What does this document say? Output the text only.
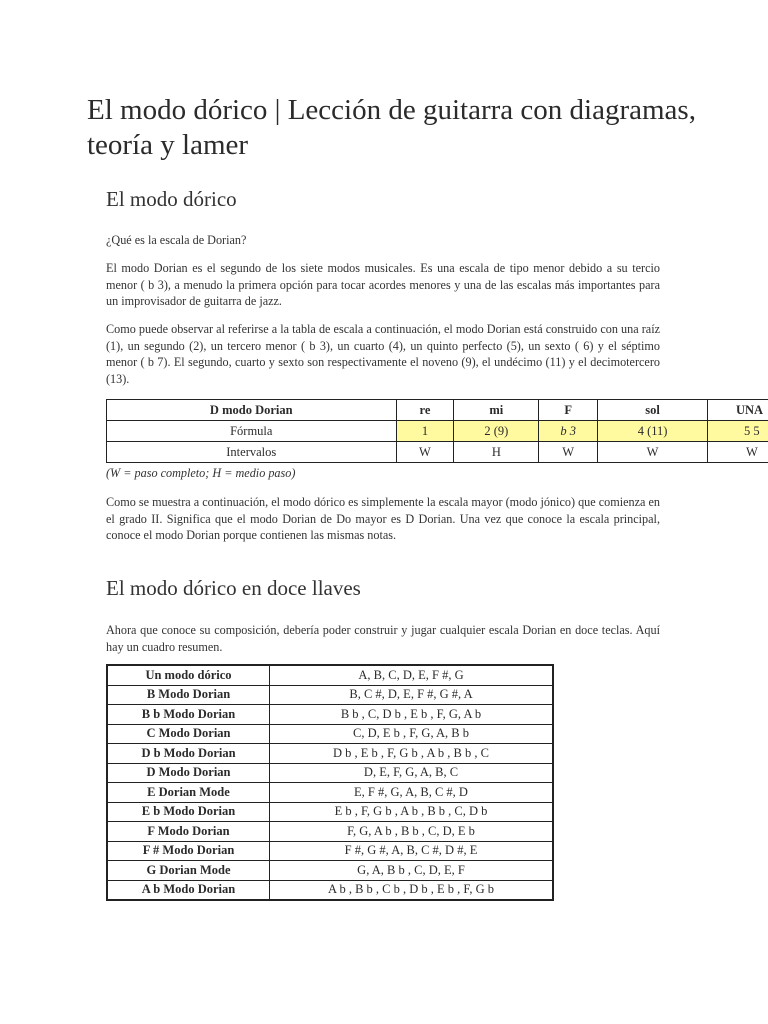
El modo dórico | Lección de guitarra con diagramas, teoría y lamer
El modo dórico

¿Qué es la escala de Dorian?

El modo Dorian es el segundo de los siete modos musicales. Es una escala de tipo menor debido a su tercio menor ( b 3), a menudo la primera opción para tocar acordes menores y una de las escalas más importantes para un improvisador de guitarra de jazz.

Como puede observar al referirse a la tabla de escala a continuación, el modo Dorian está construido con una raíz (1), un segundo (2), un tercero menor ( b 3), un cuarto (4), un quinto perfecto (5), un sexto ( 6) y el séptimo menor ( b 7). El segundo, cuarto y sexto son respectivamente el noveno (9), el undécimo (11) y el decimotercero (13).

D modo Dorian	re	mi	F	sol	UNA
Fórmula	1	2 (9)	b 3	4 (11)	5 5
Intervalos	W	H	W	W	W
(W = paso completo; H = medio paso)

Como se muestra a continuación, el modo dórico es simplemente la escala mayor (modo jónico) que comienza en el grado II. Significa que el modo Dorian de Do mayor es D Dorian. Una vez que conoce la escala principal, conoce el modo Dorian porque contienen las mismas notas.

El modo dórico en doce llaves

Ahora que conoce su composición, debería poder construir y jugar cualquier escala Dorian en doce teclas. Aquí hay un cuadro resumen.

Un modo dórico	A, B, C, D, E, F #, G
B Modo Dorian	B, C #, D, E, F #, G #, A
B b Modo Dorian	B b , C, D b , E b , F, G, A b
C Modo Dorian	C, D, E b , F, G, A, B b
D b Modo Dorian	D b , E b , F, G b , A b , B b , C
D Modo Dorian	D, E, F, G, A, B, C
E Dorian Mode	E, F #, G, A, B, C #, D
E b Modo Dorian	E b , F, G b , A b , B b , C, D b
F Modo Dorian	F, G, A b , B b , C, D, E b
F # Modo Dorian	F #, G #, A, B, C #, D #, E
G Dorian Mode	G, A, B b , C, D, E, F
A b Modo Dorian	A b , B b , C b , D b , E b , F, G b
